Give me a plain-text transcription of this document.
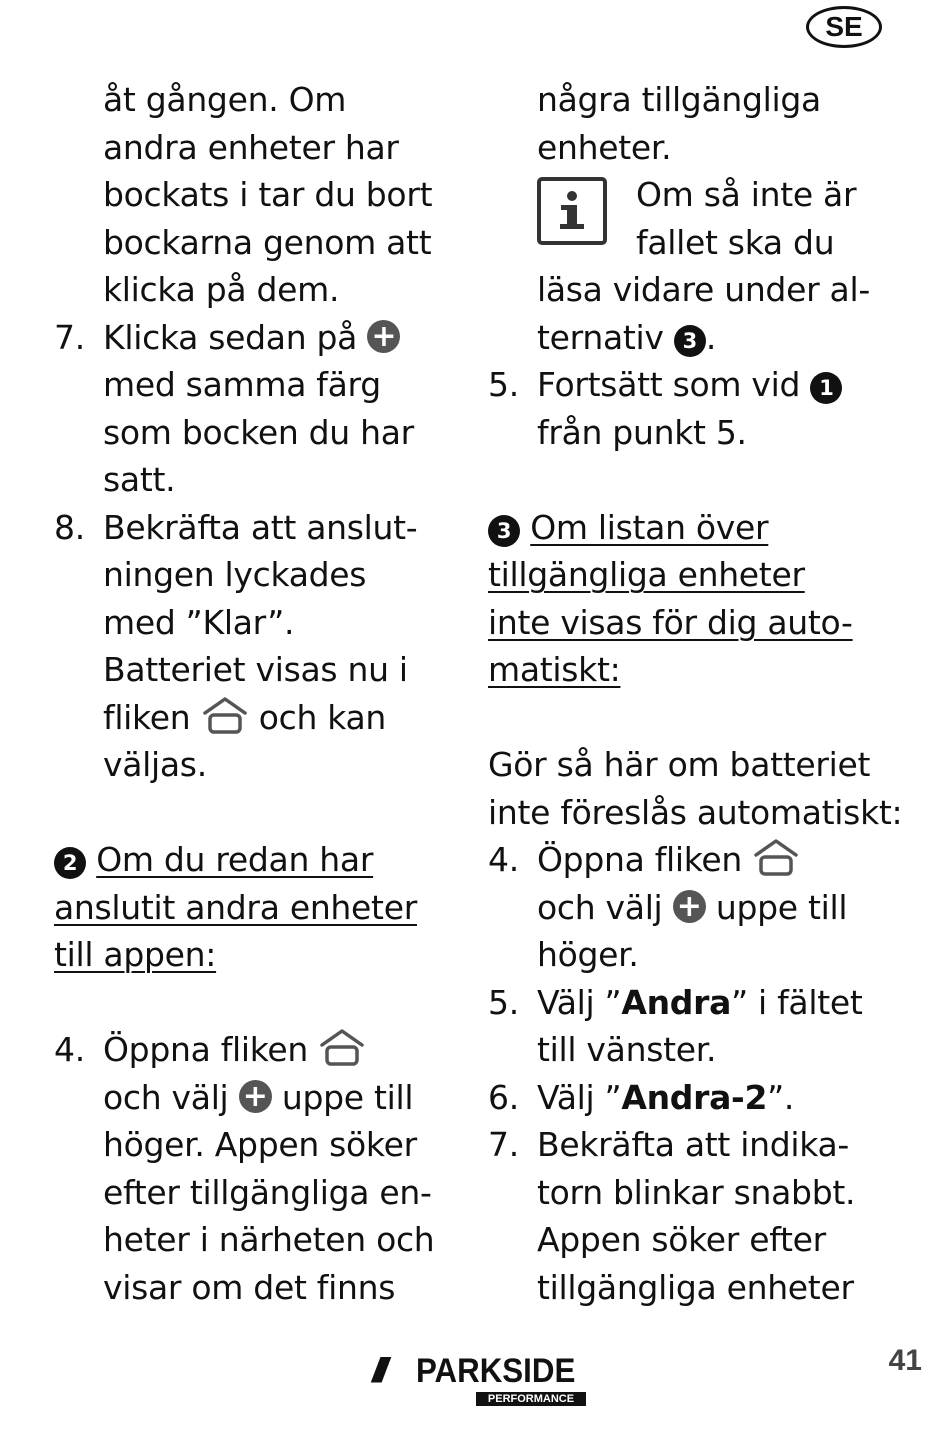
SE
åt gången. Om
andra enheter har
bockats i tar du bort
bockarna genom att
klicka på dem.
7. Klicka sedan på +
med samma färg
som bocken du har
satt.
8. Bekräfta att anslut-
ningen lyckades
med ”Klar”.
Batteriet visas nu i
fliken och kan
väljas.
2 Om du redan har
anslutit andra enheter
till appen:
4. Öppna fliken
och välj + uppe till
höger. Appen söker
efter tillgängliga en-
heter i närheten och
visar om det finns
några tillgängliga
enheter.
Om så inte är
fallet ska du
läsa vidare under al-
ternativ 3 .
5. Fortsätt som vid 1
från punkt 5.
3 Om listan över
tillgängliga enheter
inte visas för dig auto-
matiskt:
Gör så här om batteriet
inte föreslås automatiskt:
4. Öppna fliken
och välj + uppe till
höger.
5. Välj ”Andra” i fältet
till vänster.
6. Välj ”Andra-2”.
7. Bekräfta att indika-
torn blinkar snabbt.
Appen söker efter
tillgängliga enheter
/// PARKSIDE
PERFORMANCE
41
